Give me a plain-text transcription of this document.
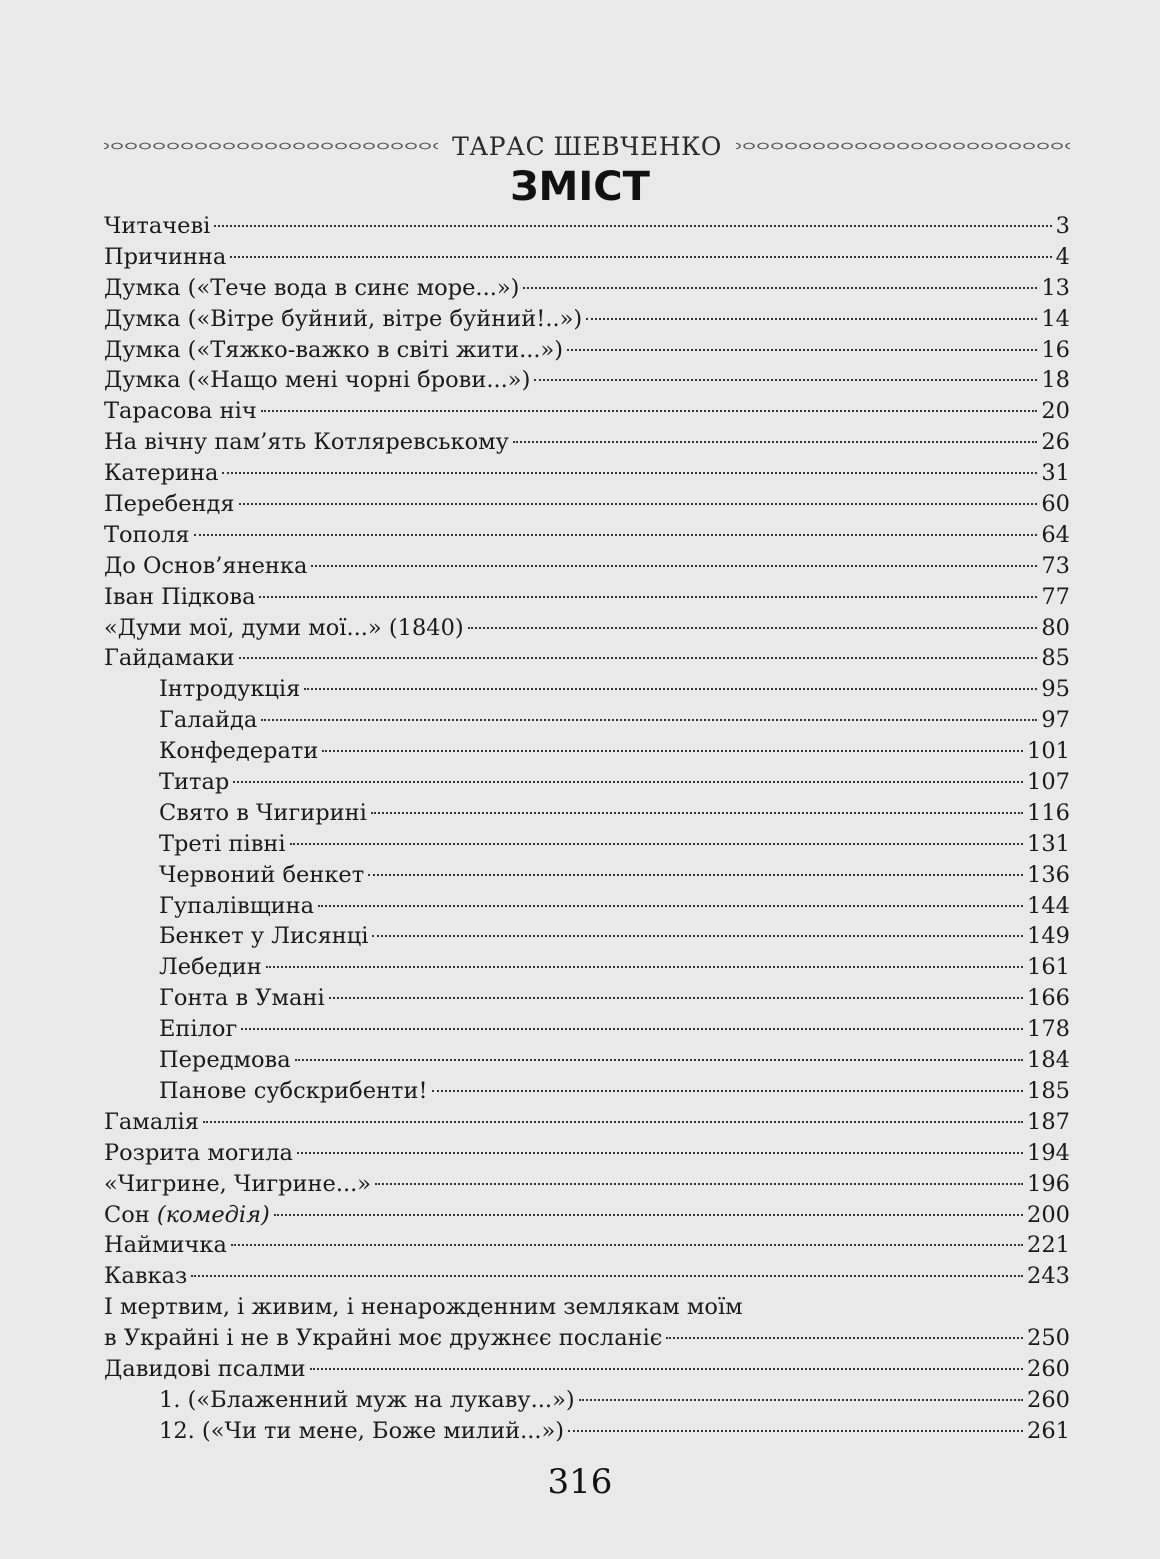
ТАРАС ШЕВЧЕНКО
ЗМІСТ
Читачеві	3
Причинна	4
Думка («Тече вода в синє море...»)	13
Думка («Вітре буйний, вітре буйний!..»)	14
Думка («Тяжко-важко в світі жити...»)	16
Думка («Нащо мені чорні брови...»)	18
Тарасова ніч	20
На вічну пам’ять Котляревському	26
Катерина	31
Перебендя	60
Тополя	64
До Основ’яненка	73
Іван Підкова	77
«Думи мої, думи мої...» (1840)	80
Гайдамаки	85
Інтродукція	95
Галайда	97
Конфедерати	101
Титар	107
Свято в Чигирині	116
Треті півні	131
Червоний бенкет	136
Гупалівщина	144
Бенкет у Лисянці	149
Лебедин	161
Гонта в Умані	166
Епілог	178
Передмова	184
Панове субскрибенти!	185
Гамалія	187
Розрита могила	194
«Чигрине, Чигрине...»	196
Сон (комедія)	200
Наймичка	221
Кавказ	243
І мертвим, і живим, і ненарожденним землякам моїм
в Украйні і не в Украйні моє дружнєє посланіє	250
Давидові псалми	260
1. («Блаженний муж на лукаву...»)	260
12. («Чи ти мене, Боже милий...»)	261
316
